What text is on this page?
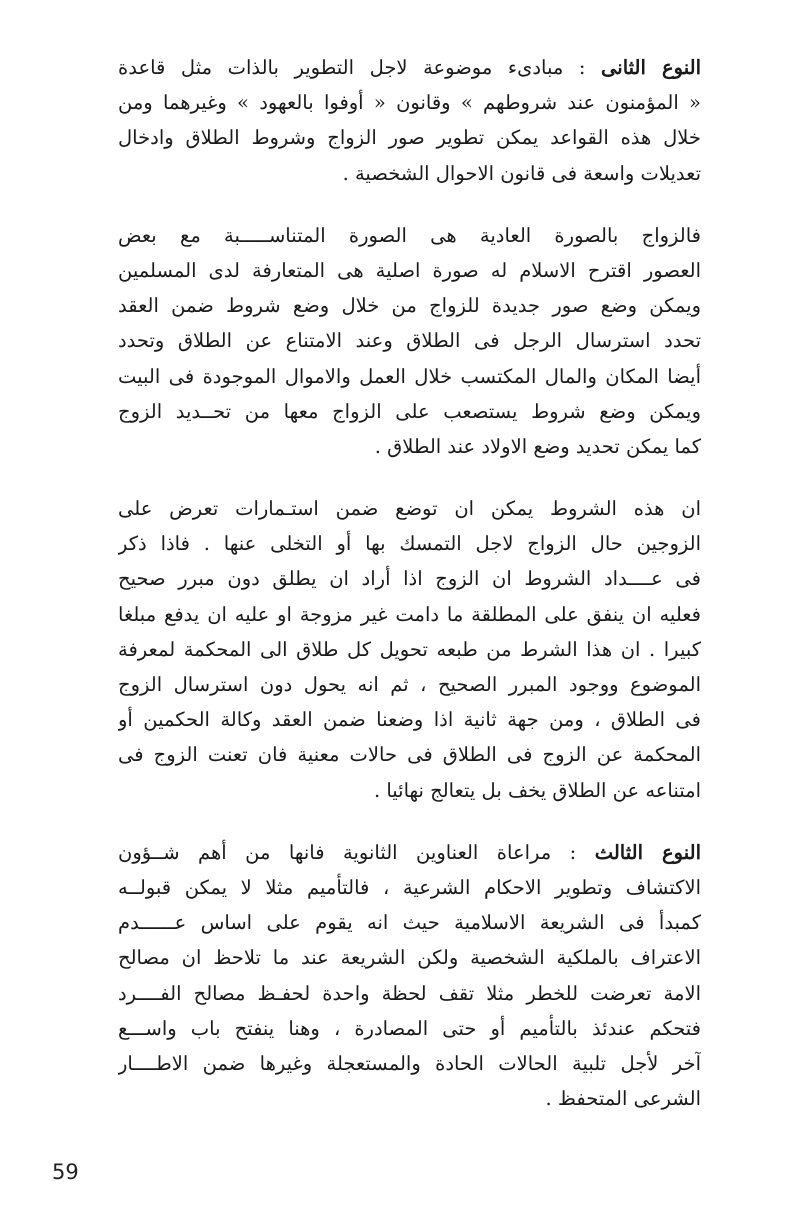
النوع الثانى : مبادىء موضوعة لاجل التطوير بالذات مثل قاعدة
« المؤمنون عند شروطهم » وقانون « أوفوا بالعهود » وغيرهما ومن
خلال هذه القواعد يمكن تطوير صور الزواج وشروط الطلاق وادخال
تعديلات واسعة فى قانون الاحوال الشخصية .
فالزواج بالصورة العادية هى الصورة المتناســـــبة مع بعض
العصور اقترح الاسلام له صورة اصلية هى المتعارفة لدى المسلمين
ويمكن وضع صور جديدة للزواج من خلال وضع شروط ضمن العقد
تحدد استرسال الرجل فى الطلاق وعند الامتناع عن الطلاق وتحدد
أيضا المكان والمال المكتسب خلال العمل والاموال الموجودة فى البيت
ويمكن وضع شروط يستصعب على الزواج معها من تحــديد الزوج
كما يمكن تحديد وضع الاولاد عند الطلاق .
ان هذه الشروط يمكن ان توضع ضمن استـمارات تعرض على
الزوجين حال الزواج لاجل التمسك بها أو التخلى عنها . فاذا ذكر
فى عــــداد الشروط ان الزوج اذا أراد ان يطلق دون مبرر صحيح
فعليه ان ينفق على المطلقة ما دامت غير مزوجة او عليه ان يدفع مبلغا
كبيرا . ان هذا الشرط من طبعه تحويل كل طلاق الى المحكمة لمعرفة
الموضوع ووجود المبرر الصحيح ، ثم انه يحول دون استرسال الزوج
فى الطلاق ، ومن جهة ثانية اذا وضعنا ضمن العقد وكالة الحكمين أو
المحكمة عن الزوج فى الطلاق فى حالات معنية فان تعنت الزوج فى
امتناعه عن الطلاق يخف بل يتعالج نهائيا .
النوع الثالث : مراعاة العناوين الثانوية فانها من أهم شــؤون
الاكتشاف وتطوير الاحكام الشرعية ، فالتأميم مثلا لا يمكن قبولــه
كمبدأ فى الشريعة الاسلامية حيث انه يقوم على اساس عــــــدم
الاعتراف بالملكية الشخصية ولكن الشريعة عند ما تلاحظ ان مصالح
الامة تعرضت للخطر مثلا تقف لحظة واحدة لحفـظ مصالح الفــــرد
فتحكم عندئذ بالتأميم أو حتى المصادرة ، وهنا ينفتح باب واســـع
آخر لأجل تلبية الحالات الحادة والمستعجلة وغيرها ضمن الاطــــار
الشرعى المتحفظ .
59
